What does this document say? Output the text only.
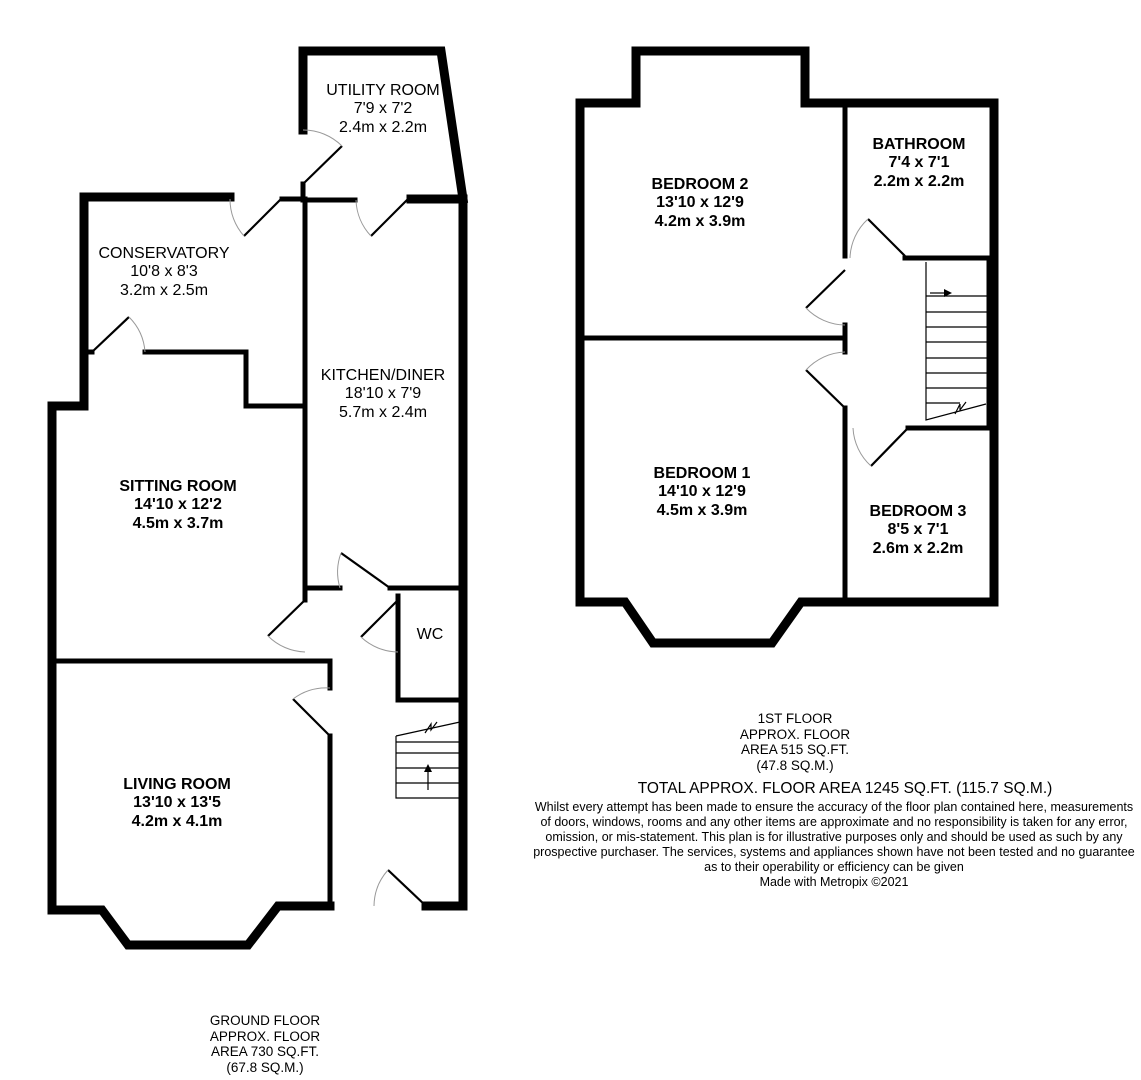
UTILITY ROOM
7'9 x 7'2
2.4m x 2.2m
CONSERVATORY
10'8 x 8'3
3.2m x 2.5m
KITCHEN/DINER
18'10 x 7'9
5.7m x 2.4m
SITTING ROOM
14'10 x 12'2
4.5m x 3.7m
WC
LIVING ROOM
13'10 x 13'5
4.2m x 4.1m
BEDROOM 2
13'10 x 12'9
4.2m x 3.9m
BATHROOM
7'4 x 7'1
2.2m x 2.2m
BEDROOM 1
14'10 x 12'9
4.5m x 3.9m	BEDROOM 3
8'5 x 7'1
2.6m x 2.2m
1ST FLOOR
APPROX. FLOOR
AREA 515 SQ.FT.
(47.8 SQ.M.)
TOTAL APPROX. FLOOR AREA 1245 SQ.FT. (115.7 SQ.M.)
Whilst every attempt has been made to ensure the accuracy of the floor plan contained here, measurements
of doors, windows, rooms and any other items are approximate and no responsibility is taken for any error,
omission, or mis-statement. This plan is for illustrative purposes only and should be used as such by any
prospective purchaser. The services, systems and appliances shown have not been tested and no guarantee
as to their operability or efficiency can be given
Made with Metropix ©2021
GROUND FLOOR
APPROX. FLOOR
AREA 730 SQ.FT.
(67.8 SQ.M.)
